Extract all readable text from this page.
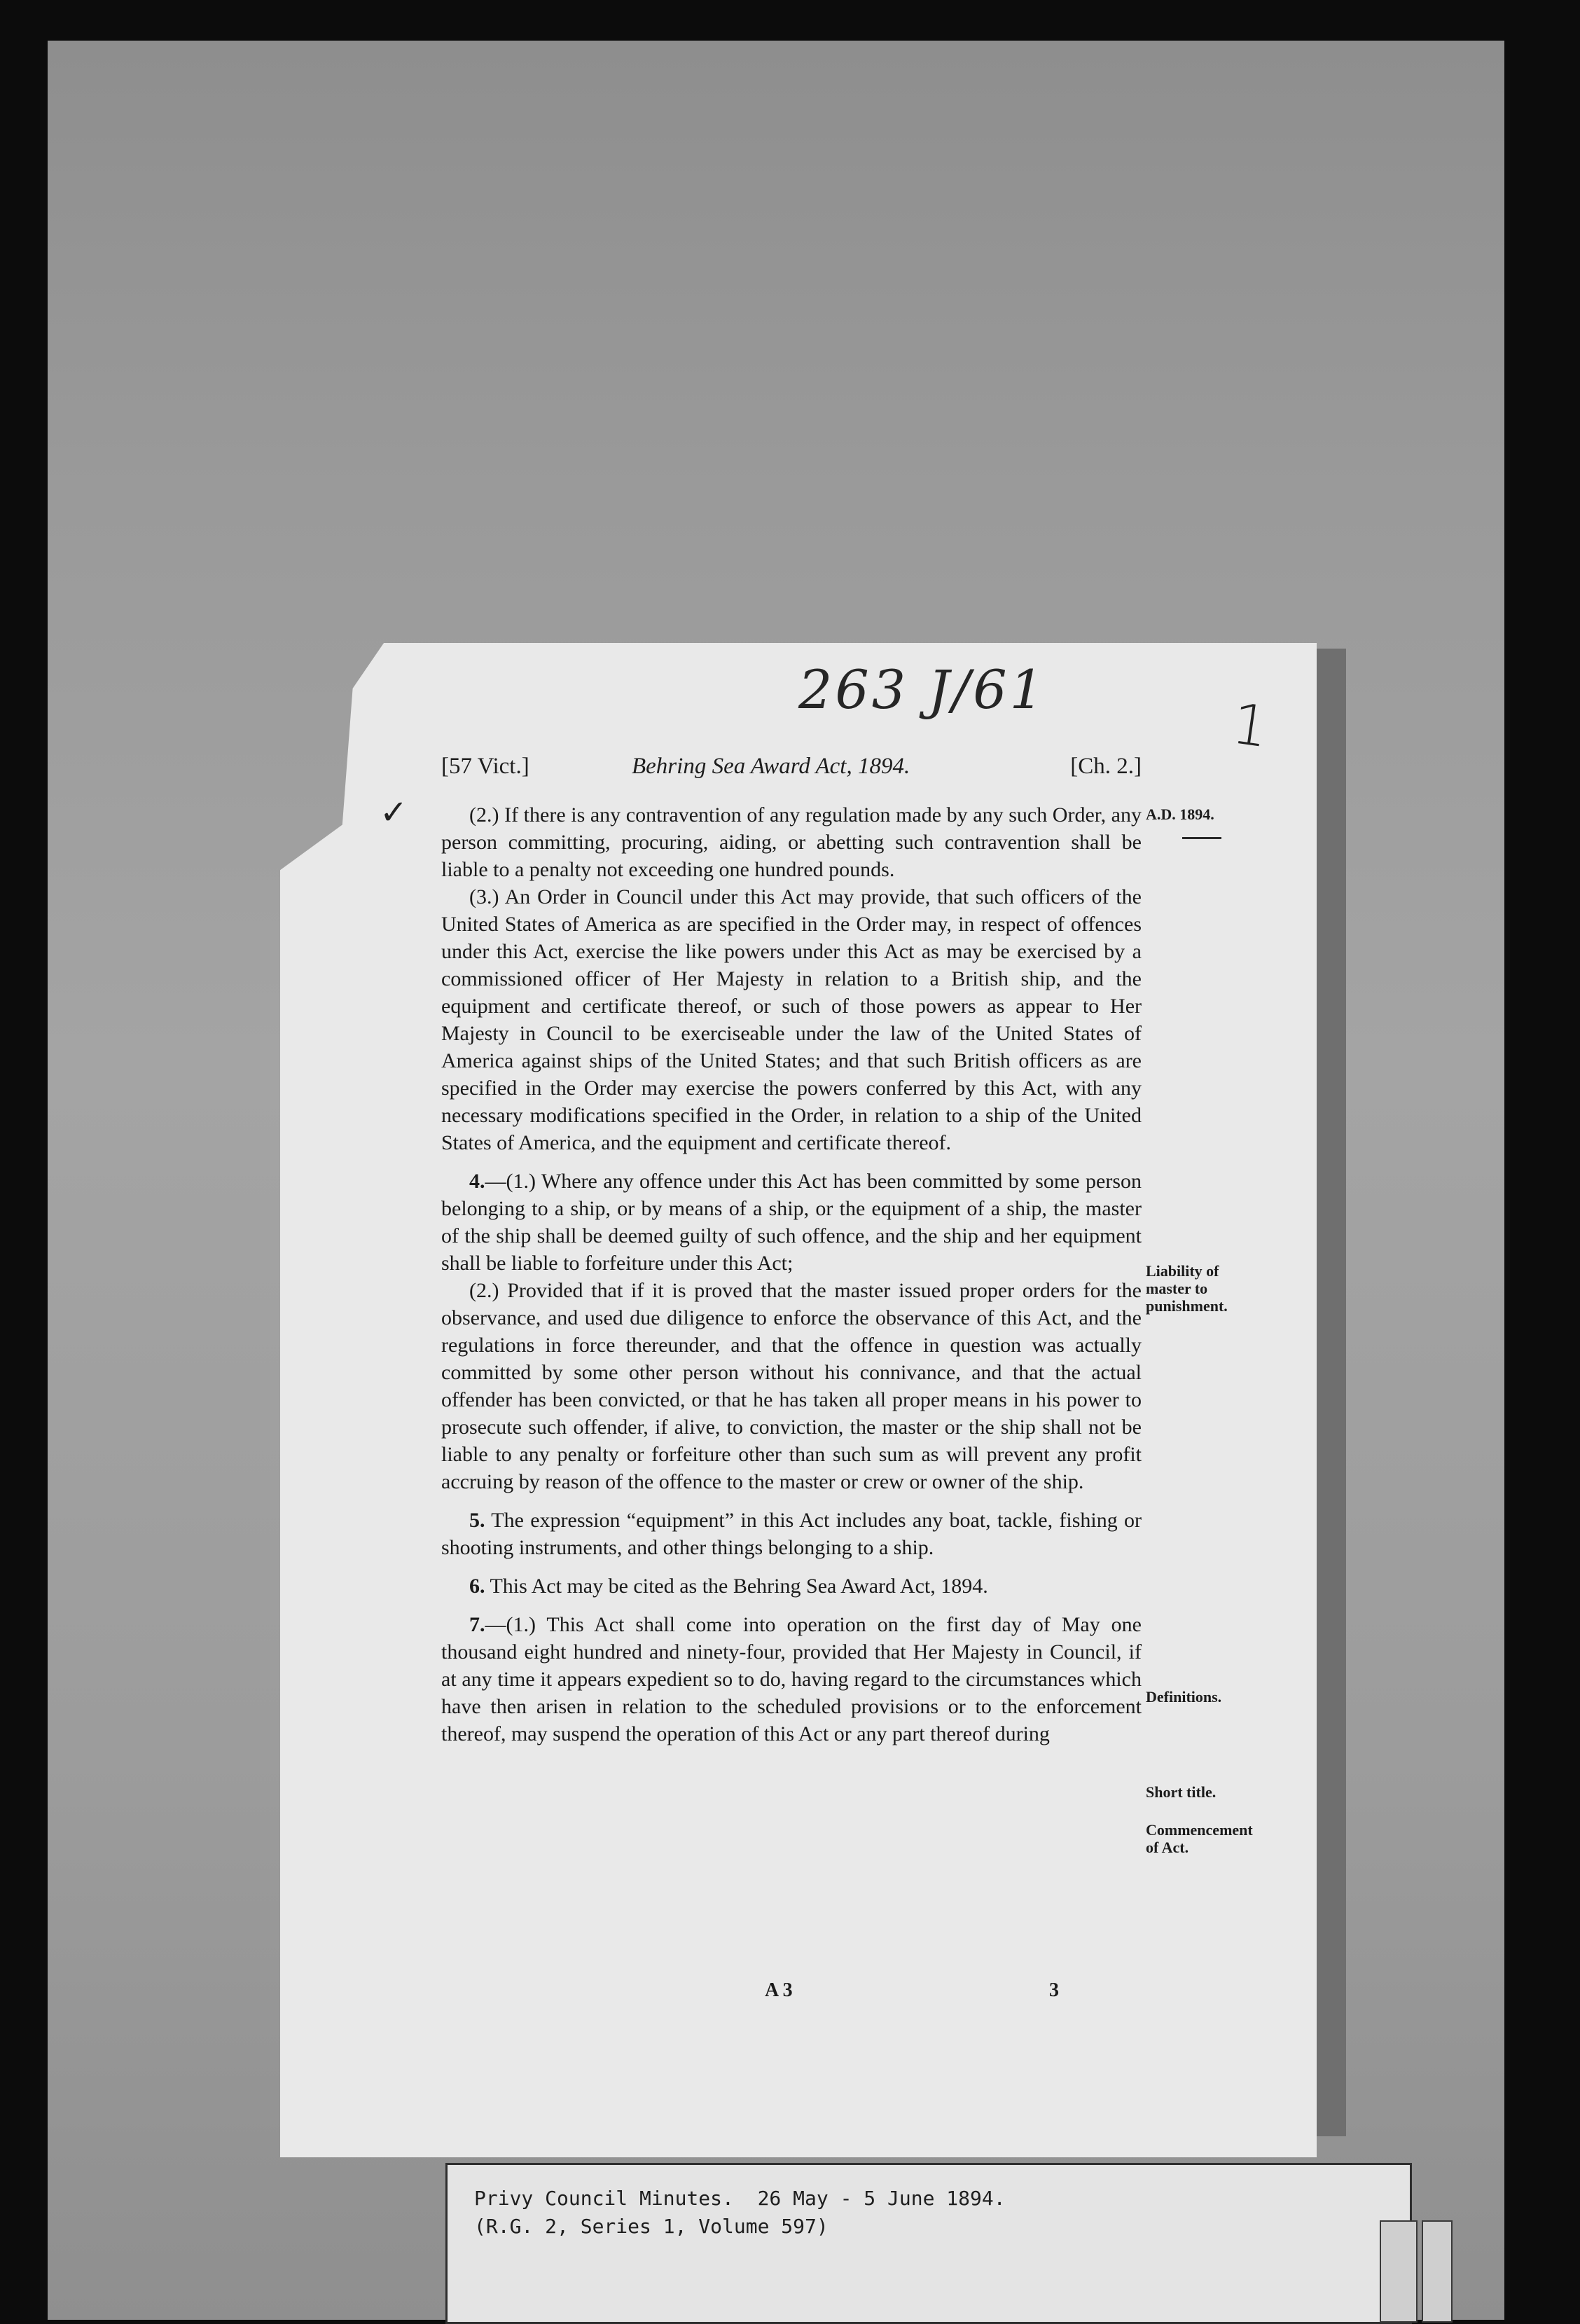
263 J/61
1
✓
[57 Vict.]	Behring Sea Award Act, 1894.	[Ch. 2.]
A.D. 1894.
Liability of master to punishment.
Definitions.
Short title.
Commencement of Act.

(2.) If there is any contravention of any regulation made by any such Order, any person committing, procuring, aiding, or abetting such contravention shall be liable to a penalty not exceeding one hundred pounds.

(3.) An Order in Council under this Act may provide, that such officers of the United States of America as are specified in the Order may, in respect of offences under this Act, exercise the like powers under this Act as may be exercised by a commissioned officer of Her Majesty in relation to a British ship, and the equipment and certificate thereof, or such of those powers as appear to Her Majesty in Council to be exerciseable under the law of the United States of America against ships of the United States; and that such British officers as are specified in the Order may exercise the powers conferred by this Act, with any necessary modifications specified in the Order, in relation to a ship of the United States of America, and the equipment and certificate thereof.

4.—(1.) Where any offence under this Act has been committed by some person belonging to a ship, or by means of a ship, or the equipment of a ship, the master of the ship shall be deemed guilty of such offence, and the ship and her equipment shall be liable to forfeiture under this Act;

(2.) Provided that if it is proved that the master issued proper orders for the observance, and used due diligence to enforce the observance of this Act, and the regulations in force thereunder, and that the offence in question was actually committed by some other person without his connivance, and that the actual offender has been convicted, or that he has taken all proper means in his power to prosecute such offender, if alive, to conviction, the master or the ship shall not be liable to any penalty or forfeiture other than such sum as will prevent any profit accruing by reason of the offence to the master or crew or owner of the ship.

5. The expression “equipment” in this Act includes any boat, tackle, fishing or shooting instruments, and other things belonging to a ship.

6. This Act may be cited as the Behring Sea Award Act, 1894.

7.—(1.) This Act shall come into operation on the first day of May one thousand eight hundred and ninety-four, provided that Her Majesty in Council, if at any time it appears expedient so to do, having regard to the circumstances which have then arisen in relation to the scheduled provisions or to the enforcement thereof, may suspend the operation of this Act or any part thereof during

A 3	3
Privy Council Minutes.  26 May - 5 June 1894.
(R.G. 2, Series 1, Volume 597)
